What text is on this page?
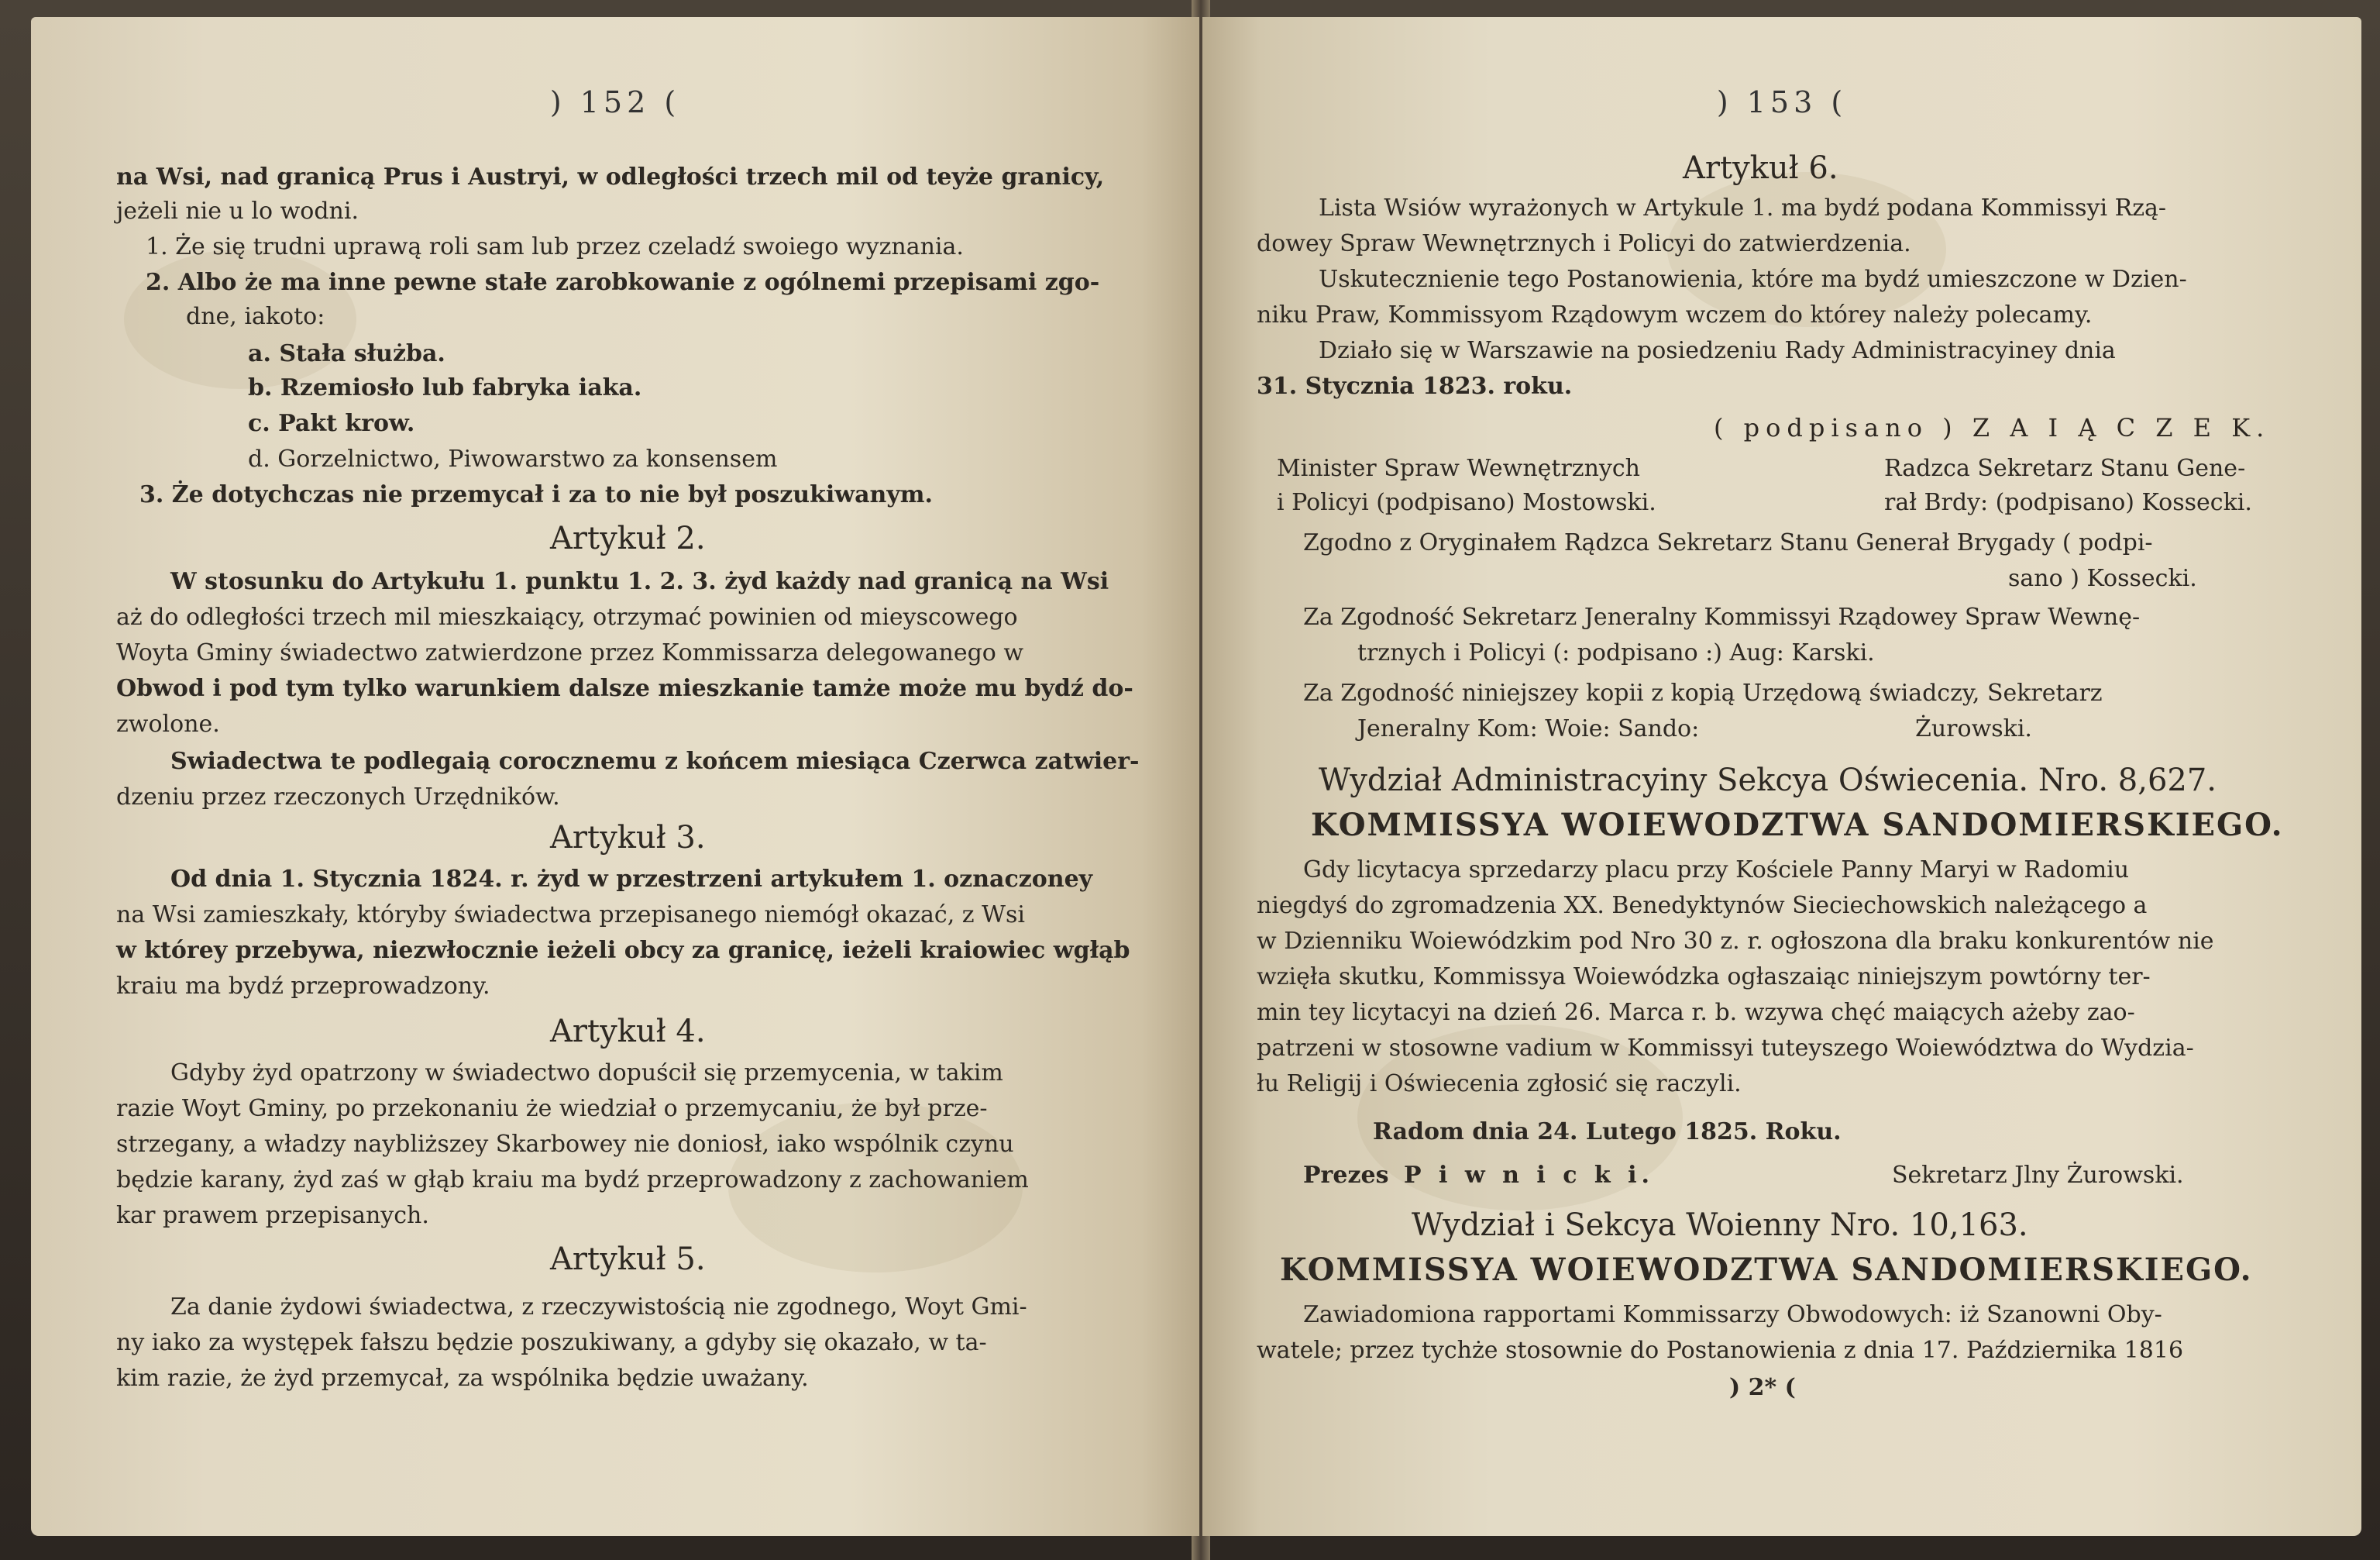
) 152 (
na Wsi, nad granicą Prus i Austryi, w odległości trzech mil od teyże granicy,
jeżeli nie u lo wodni.
1. Że się trudni uprawą roli sam lub przez czeladź swoiego wyznania.
2. Albo że ma inne pewne stałe zarobkowanie z ogólnemi przepisami zgo-
dne, iakoto:
a. Stała służba.
b. Rzemiosło lub fabryka iaka.
c. Pakt krow.
d. Gorzelnictwo, Piwowarstwo za konsensem
3. Że dotychczas nie przemycał i za to nie był poszukiwanym.
Artykuł 2.
W stosunku do Artykułu 1. punktu 1. 2. 3. żyd każdy nad granicą na Wsi
aż do odległości trzech mil mieszkaiący, otrzymać powinien od mieyscowego
Woyta Gminy świadectwo zatwierdzone przez Kommissarza delegowanego w
Obwod i pod tym tylko warunkiem dalsze mieszkanie tamże może mu bydź do-
zwolone.
Swiadectwa te podlegaią corocznemu z końcem miesiąca Czerwca zatwier-
dzeniu przez rzeczonych Urzędników.
Artykuł 3.
Od dnia 1. Stycznia 1824. r. żyd w przestrzeni artykułem 1. oznaczoney
na Wsi zamieszkały, któryby świadectwa przepisanego niemógł okazać, z Wsi
w którey przebywa, niezwłocznie ieżeli obcy za granicę, ieżeli kraiowiec wgłąb
kraiu ma bydź przeprowadzony.
Artykuł 4.
Gdyby żyd opatrzony w świadectwo dopuścił się przemycenia, w takim
razie Woyt Gminy, po przekonaniu że wiedział o przemycaniu, że był prze-
strzegany, a władzy naybliższey Skarbowey nie doniosł, iako wspólnik czynu
będzie karany, żyd zaś w głąb kraiu ma bydź przeprowadzony z zachowaniem
kar prawem przepisanych.
Artykuł 5.
Za danie żydowi świadectwa, z rzeczywistością nie zgodnego, Woyt Gmi-
ny iako za występek fałszu będzie poszukiwany, a gdyby się okazało, w ta-
kim razie, że żyd przemycał, za wspólnika będzie uważany.
) 153 (
Artykuł 6.
Lista Wsiów wyrażonych w Artykule 1. ma bydź podana Kommissyi Rzą-
dowey Spraw Wewnętrznych i Policyi do zatwierdzenia.
Uskutecznienie tego Postanowienia, które ma bydź umieszczone w Dzien-
niku Praw, Kommissyom Rządowym wczem do którey należy polecamy.
Działo się w Warszawie na posiedzeniu Rady Administracyiney dnia
31. Stycznia 1823. roku.
( podpisano ) Z A I Ą C Z E K.
Minister Spraw Wewnętrznych
i Policyi (podpisano) Mostowski.
Radzca Sekretarz Stanu Gene-
rał Brdy: (podpisano) Kossecki.
Zgodno z Oryginałem Rądzca Sekretarz Stanu Generał Brygady ( podpi-
sano ) Kossecki.
Za Zgodność Sekretarz Jeneralny Kommissyi Rządowey Spraw Wewnę-
trznych i Policyi (: podpisano :) Aug: Karski.
Za Zgodność niniejszey kopii z kopią Urzędową świadczy, Sekretarz
Jeneralny Kom: Woie: Sando:	Żurowski.
Wydział Administracyiny Sekcya Oświecenia. Nro. 8,627.
KOMMISSYA WOIEWODZTWA SANDOMIERSKIEGO.
Gdy licytacya sprzedarzy placu przy Kościele Panny Maryi w Radomiu
niegdyś do zgromadzenia XX. Benedyktynów Sieciechowskich należącego a
w Dzienniku Woiewódzkim pod Nro 30 z. r. ogłoszona dla braku konkurentów nie
wzięła skutku, Kommissya Woiewódzka ogłaszaiąc niniejszym powtórny ter-
min tey licytacyi na dzień 26. Marca r. b. wzywa chęć maiących ażeby zao-
patrzeni w stosowne vadium w Kommissyi tuteyszego Woiewództwa do Wydzia-
łu Religij i Oświecenia zgłosić się raczyli.
Radom dnia 24. Lutego 1825. Roku.
Prezes P i w n i c k i.	Sekretarz Jlny Żurowski.
Wydział i Sekcya Woienny Nro. 10,163.
KOMMISSYA WOIEWODZTWA SANDOMIERSKIEGO.
Zawiadomiona rapportami Kommissarzy Obwodowych: iż Szanowni Oby-
watele; przez tychże stosownie do Postanowienia z dnia 17. Października 1816
) 2* (
